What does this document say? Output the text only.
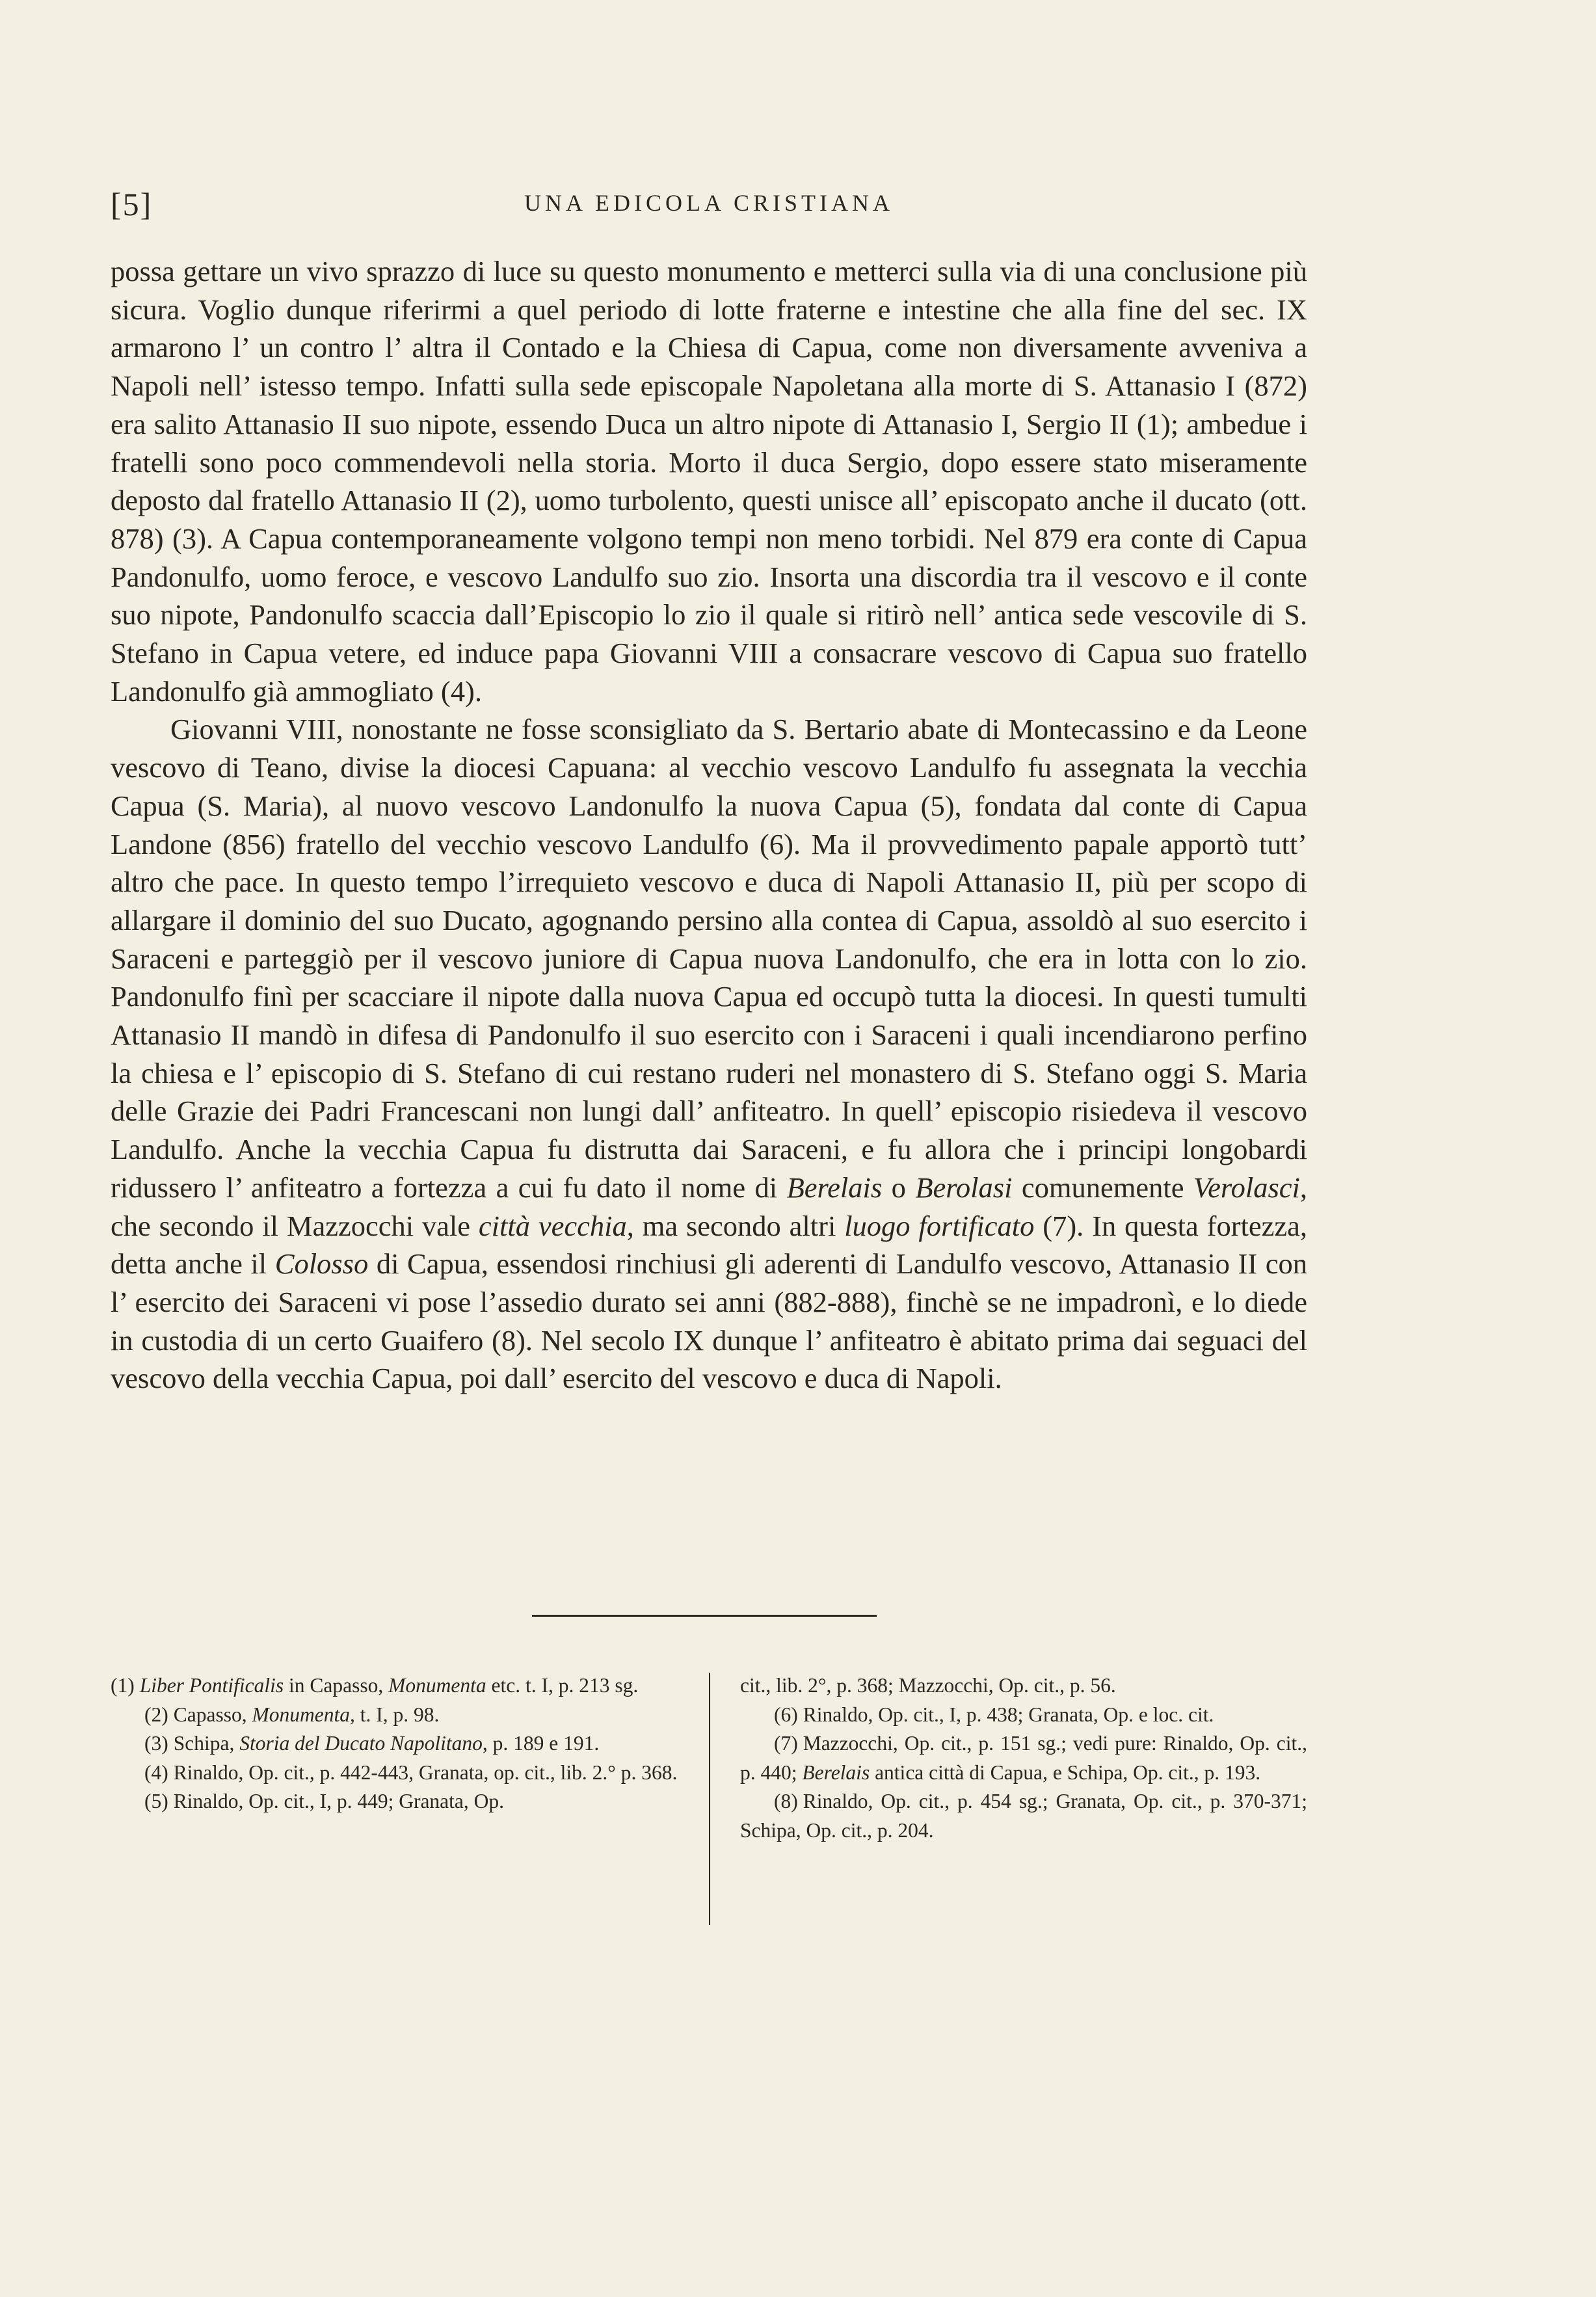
[5]	UNA EDICOLA CRISTIANA

possa gettare un vivo sprazzo di luce su questo monumento e metterci sulla via di una conclusione più sicura. Voglio dunque riferirmi a quel periodo di lotte fraterne e intestine che alla fine del sec. IX armarono l’ un contro l’ altra il Contado e la Chiesa di Capua, come non diversamente avveniva a Napoli nell’ istesso tempo. Infatti sulla sede episcopale Napoletana alla morte di S. Attanasio I (872) era salito Attanasio II suo nipote, essendo Duca un altro nipote di Attanasio I, Sergio II (1); ambedue i fratelli sono poco commendevoli nella storia. Morto il duca Sergio, dopo essere stato miseramente deposto dal fratello Attanasio II (2), uomo turbolento, questi unisce all’ episcopato anche il ducato (ott. 878) (3). A Capua contemporaneamente volgono tempi non meno torbidi. Nel 879 era conte di Capua Pandonulfo, uomo feroce, e vescovo Landulfo suo zio. Insorta una discordia tra il vescovo e il conte suo nipote, Pandonulfo scaccia dall’Episcopio lo zio il quale si ritirò nell’ antica sede vescovile di S. Stefano in Capua vetere, ed induce papa Giovanni VIII a consacrare vescovo di Capua suo fratello Landonulfo già ammogliato (4).

Giovanni VIII, nonostante ne fosse sconsigliato da S. Bertario abate di Montecassino e da Leone vescovo di Teano, divise la diocesi Capuana: al vecchio vescovo Landulfo fu assegnata la vecchia Capua (S. Maria), al nuovo vescovo Landonulfo la nuova Capua (5), fondata dal conte di Capua Landone (856) fratello del vecchio vescovo Landulfo (6). Ma il provvedimento papale apportò tutt’ altro che pace. In questo tempo l’irrequieto vescovo e duca di Napoli Attanasio II, più per scopo di allargare il dominio del suo Ducato, agognando persino alla contea di Capua, assoldò al suo esercito i Saraceni e parteggiò per il vescovo juniore di Capua nuova Landonulfo, che era in lotta con lo zio. Pandonulfo finì per scacciare il nipote dalla nuova Capua ed occupò tutta la diocesi. In questi tumulti Attanasio II mandò in difesa di Pandonulfo il suo esercito con i Saraceni i quali incendiarono perfino la chiesa e l’ episcopio di S. Stefano di cui restano ruderi nel monastero di S. Stefano oggi S. Maria delle Grazie dei Padri Francescani non lungi dall’ anfiteatro. In quell’ episcopio risiedeva il vescovo Landulfo. Anche la vecchia Capua fu distrutta dai Saraceni, e fu allora che i principi longobardi ridussero l’ anfiteatro a fortezza a cui fu dato il nome di Berelais o Berolasi comunemente Verolasci, che secondo il Mazzocchi vale città vecchia, ma secondo altri luogo fortificato (7). In questa fortezza, detta anche il Colosso di Capua, essendosi rinchiusi gli aderenti di Landulfo vescovo, Attanasio II con l’ esercito dei Saraceni vi pose l’assedio durato sei anni (882-888), finchè se ne impadronì, e lo diede in custodia di un certo Guaifero (8). Nel secolo IX dunque l’ anfiteatro è abitato prima dai seguaci del vescovo della vecchia Capua, poi dall’ esercito del vescovo e duca di Napoli.

(1) Liber Pontificalis in Capasso, Monumenta etc. t. I, p. 213 sg.

(2) Capasso, Monumenta, t. I, p. 98.

(3) Schipa, Storia del Ducato Napolitano, p. 189 e 191.

(4) Rinaldo, Op. cit., p. 442-443, Granata, op. cit., lib. 2.° p. 368.

(5) Rinaldo, Op. cit., I, p. 449; Granata, Op.

cit., lib. 2°, p. 368; Mazzocchi, Op. cit., p. 56.

(6) Rinaldo, Op. cit., I, p. 438; Granata, Op. e loc. cit.

(7) Mazzocchi, Op. cit., p. 151 sg.; vedi pure: Rinaldo, Op. cit., p. 440; Berelais antica città di Capua, e Schipa, Op. cit., p. 193.

(8) Rinaldo, Op. cit., p. 454 sg.; Granata, Op. cit., p. 370-371; Schipa, Op. cit., p. 204.
